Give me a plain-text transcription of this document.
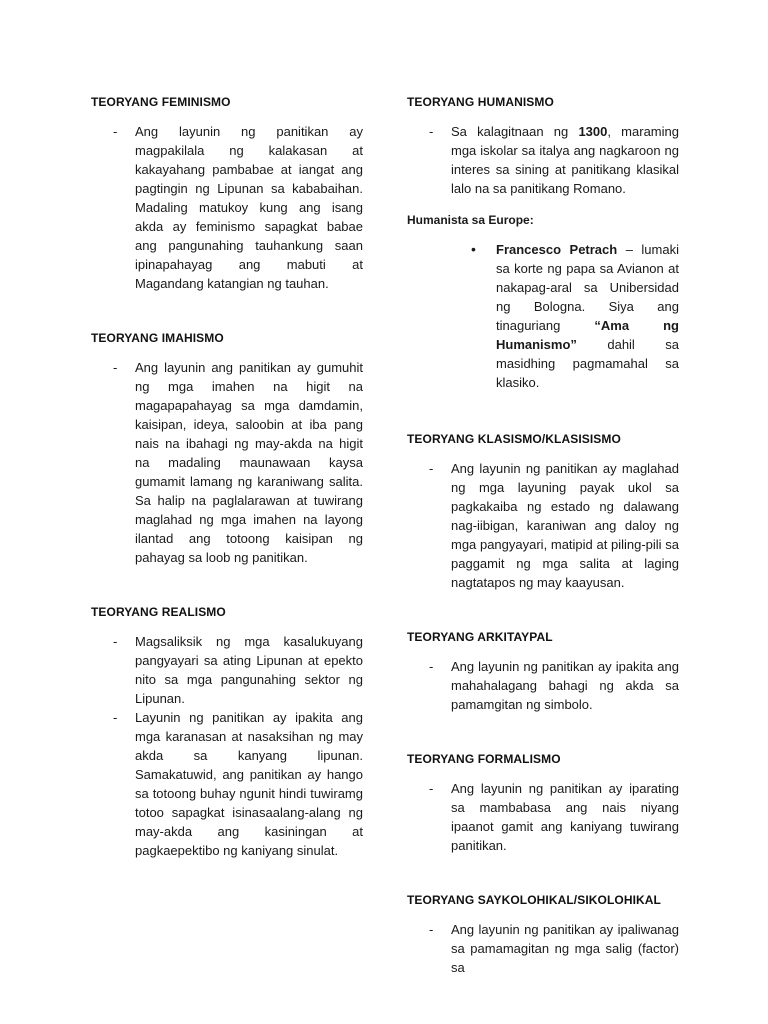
TEORYANG FEMINISMO

-	Ang layunin ng panitikan ay magpakilala ng kalakasan at kakayahang pambabae at iangat ang pagtingin ng Lipunan sa kababaihan. Madaling matukoy kung ang isang akda ay feminismo sapagkat babae ang pangunahing tauhankung saan ipinapahayag ang mabuti at Magandang katangian ng tauhan.

TEORYANG IMAHISMO

-	Ang layunin ang panitikan ay gumuhit ng mga imahen na higit na magapapahayag sa mga damdamin, kaisipan, ideya, saloobin at iba pang nais na ibahagi ng may-akda na higit na madaling maunawaan kaysa gumamit lamang ng karaniwang salita. Sa halip na paglalarawan at tuwirang maglahad ng mga imahen na layong ilantad ang totoong kaisipan ng pahayag sa loob ng panitikan.

TEORYANG REALISMO

-	Magsaliksik ng mga kasalukuyang pangyayari sa ating Lipunan at epekto nito sa mga pangunahing sektor ng Lipunan.
-	Layunin ng panitikan ay ipakita ang mga karanasan at nasaksihan ng may akda sa kanyang lipunan. Samakatuwid, ang panitikan ay hango sa totoong buhay ngunit hindi tuwiramg totoo sapagkat isinasaalang-alang ng may-akda ang kasiningan at pagkaepektibo ng kaniyang sinulat.

TEORYANG HUMANISMO

-	Sa kalagitnaan ng 1300, maraming mga iskolar sa italya ang nagkaroon ng interes sa sining at panitikang klasikal lalo na sa panitikang Romano.

Humanista sa Europe:

•	Francesco Petrach – lumaki sa korte ng papa sa Avianon at nakapag-aral sa Unibersidad ng Bologna. Siya ang tinaguriang “Ama ng Humanismo” dahil sa masidhing pagmamahal sa klasiko.

TEORYANG KLASISMO/KLASISISMO

-	Ang layunin ng panitikan ay maglahad ng mga layuning payak ukol sa pagkakaiba ng estado ng dalawang nag-iibigan, karaniwan ang daloy ng mga pangyayari, matipid at piling-pili sa paggamit ng mga salita at laging nagtatapos ng may kaayusan.

TEORYANG ARKITAYPAL

-	Ang layunin ng panitikan ay ipakita ang mahahalagang bahagi ng akda sa pamamgitan ng simbolo.

TEORYANG FORMALISMO

-	Ang layunin ng panitikan ay iparating sa mambabasa ang nais niyang ipaanot gamit ang kaniyang tuwirang panitikan.

TEORYANG SAYKOLOHIKAL/SIKOLOHIKAL

-	Ang layunin ng panitikan ay ipaliwanag sa pamamagitan ng mga salig (factor) sa
